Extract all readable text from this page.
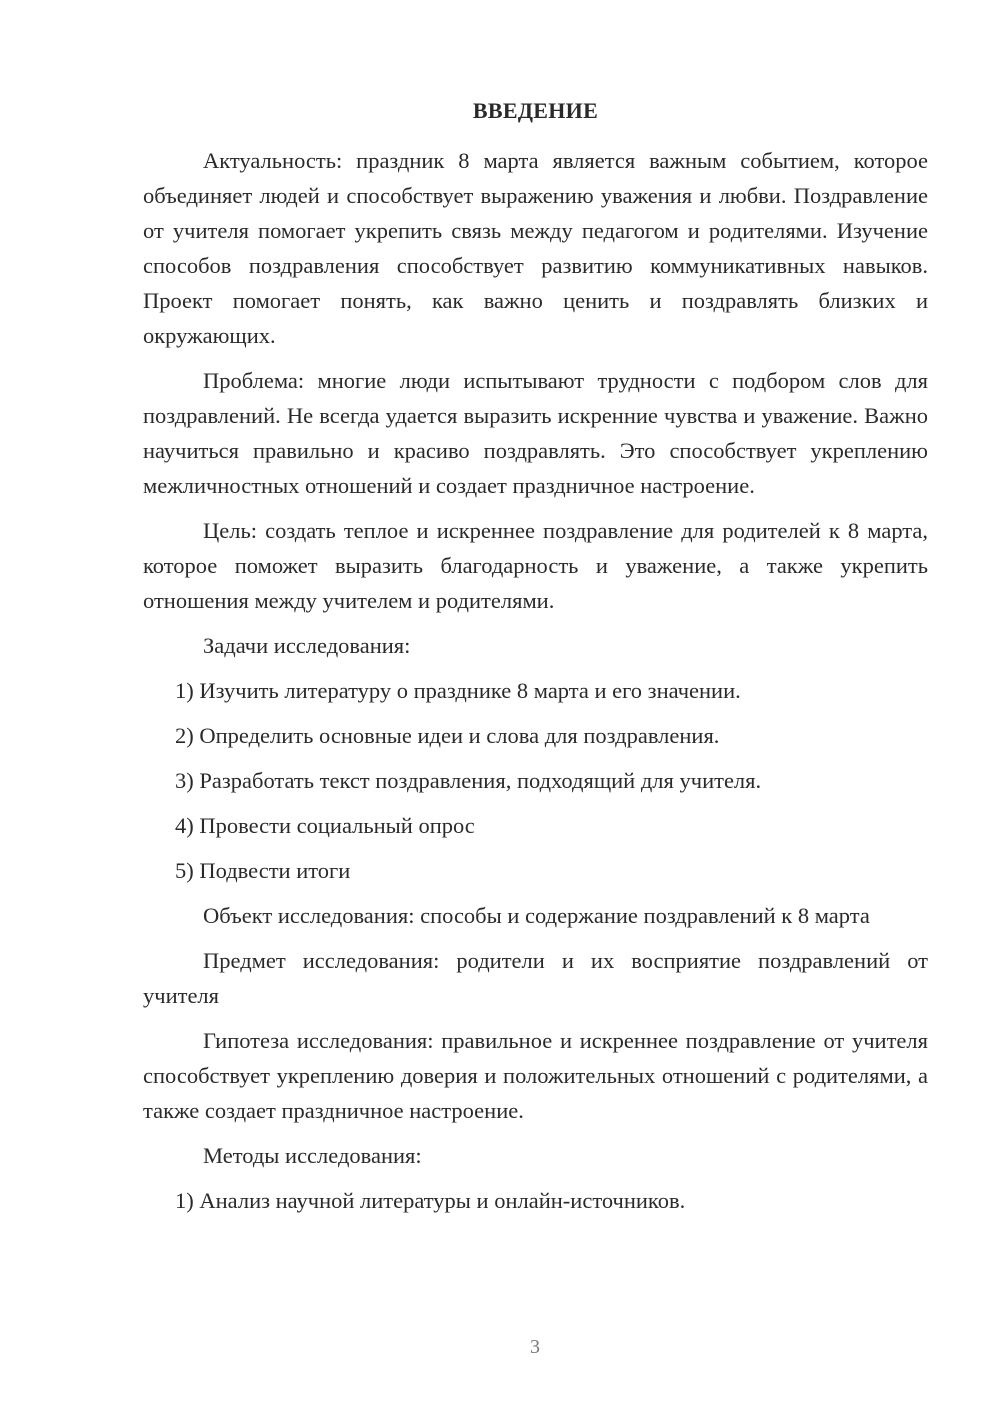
ВВЕДЕНИЕ

Актуальность: праздник 8 марта является важным событием, которое объединяет людей и способствует выражению уважения и любви. Поздравление от учителя помогает укрепить связь между педагогом и родителями. Изучение способов поздравления способствует развитию коммуникативных навыков. Проект помогает понять, как важно ценить и поздравлять близких и окружающих.

Проблема: многие люди испытывают трудности с подбором слов для поздравлений. Не всегда удается выразить искренние чувства и уважение. Важно научиться правильно и красиво поздравлять. Это способствует укреплению межличностных отношений и создает праздничное настроение.

Цель: создать теплое и искреннее поздравление для родителей к 8 марта, которое поможет выразить благодарность и уважение, а также укрепить отношения между учителем и родителями.

Задачи исследования:

1) Изучить литературу о празднике 8 марта и его значении.

2) Определить основные идеи и слова для поздравления.

3) Разработать текст поздравления, подходящий для учителя.

4) Провести социальный опрос

5) Подвести итоги

Объект исследования: способы и содержание поздравлений к 8 марта

Предмет исследования: родители и их восприятие поздравлений от учителя

Гипотеза исследования: правильное и искреннее поздравление от учителя способствует укреплению доверия и положительных отношений с родителями, а также создает праздничное настроение.

Методы исследования:

1) Анализ научной литературы и онлайн-источников.

3
